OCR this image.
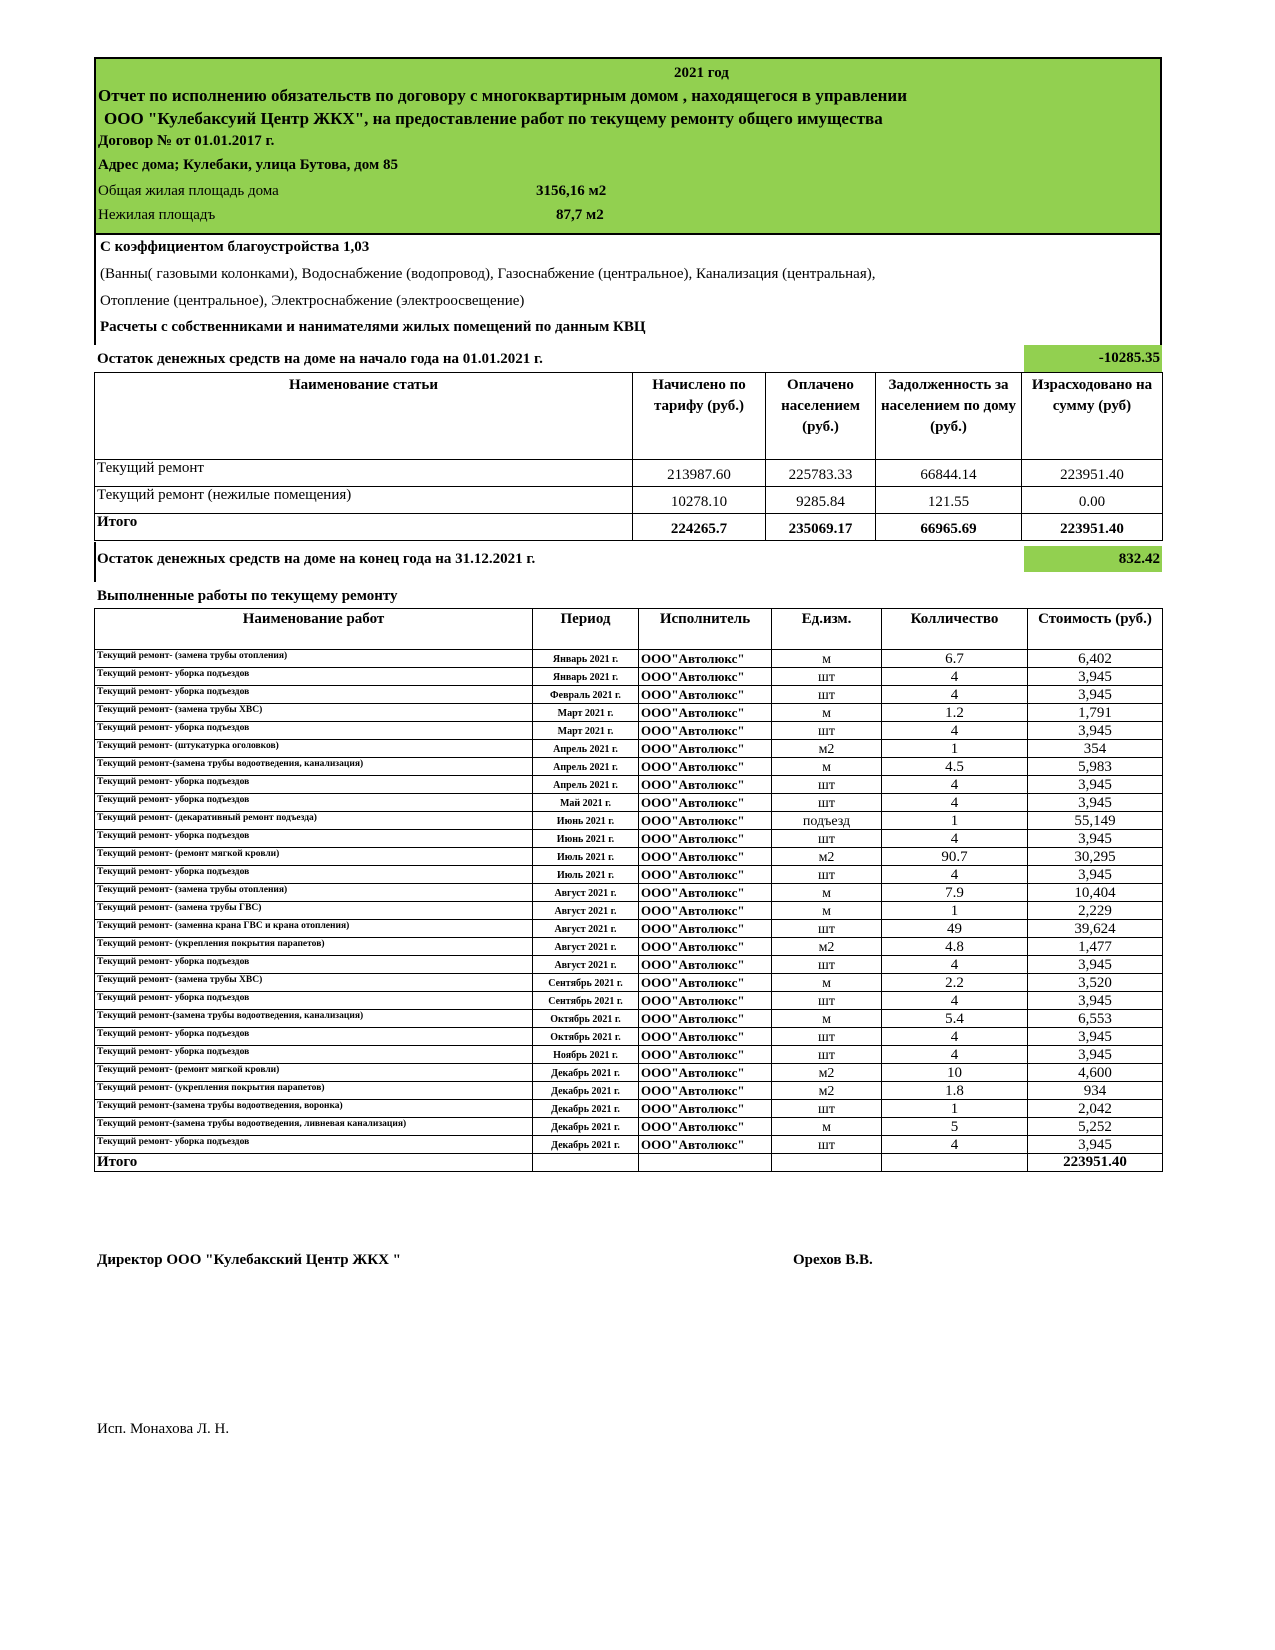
2021 год
Отчет по исполнению обязательств по договору с многоквартирным домом , находящегося в управлении
ООО "Кулебаксуий Центр ЖКХ", на предоставление работ по текущему ремонту общего имущества
Договор № от 01.01.2017 г.
Адрес дома; Кулебаки, улица Бутова, дом 85
Общая жилая площадь дома	3156,16 м2
Нежилая площадъ	87,7 м2
С коэффициентом благоустройства 1,03
(Ванны( газовыми колонками), Водоснабжение (водопровод), Газоснабжение (центральное), Канализация (центральная),
Отопление (центральное), Электроснабжение (электроосвещение)
Расчеты с собственниками и нанимателями жилых помещений по данным КВЦ
Остаток денежных средств на доме на начало года на 01.01.2021 г.	-10285.35
Наименование статьи	Начислено по тарифу (руб.)	Оплачено населением (руб.)	Задолженность за населением по дому (руб.)	Израсходовано на сумму (руб)
Текущий ремонт	213987.60	225783.33	66844.14	223951.40
Текущий ремонт (нежилые помещения)	10278.10	9285.84	121.55	0.00
Итого	224265.7	235069.17	66965.69	223951.40
Остаток денежных средств на доме на конец года на 31.12.2021 г.	832.42
Выполненные работы по текущему ремонту
Наименование работ	Период	Исполнитель	Ед.изм.	Колличество	Стоимость (руб.)
Текущий ремонт- (замена трубы отопления)	Январь 2021 г.	ООО"Автолюкс"	м	6.7	6,402
Текущий ремонт- уборка подъездов	Январь 2021 г.	ООО"Автолюкс"	шт	4	3,945
Текущий ремонт- уборка подъездов	Февраль 2021 г.	ООО"Автолюкс"	шт	4	3,945
Текущий ремонт- (замена трубы ХВС)	Март 2021 г.	ООО"Автолюкс"	м	1.2	1,791
Текущий ремонт- уборка подъездов	Март 2021 г.	ООО"Автолюкс"	шт	4	3,945
Текущий ремонт- (штукатурка оголовков)	Апрель 2021 г.	ООО"Автолюкс"	м2	1	354
Текущий ремонт-(замена трубы водоотведения, канализация)	Апрель 2021 г.	ООО"Автолюкс"	м	4.5	5,983
Текущий ремонт- уборка подъездов	Апрель 2021 г.	ООО"Автолюкс"	шт	4	3,945
Текущий ремонт- уборка подъездов	Май 2021 г.	ООО"Автолюкс"	шт	4	3,945
Текущий ремонт- (декаративный ремонт подъезда)	Июнь 2021 г.	ООО"Автолюкс"	подъезд	1	55,149
Текущий ремонт- уборка подъездов	Июнь 2021 г.	ООО"Автолюкс"	шт	4	3,945
Текущий ремонт- (ремонт мягкой кровли)	Июль 2021 г.	ООО"Автолюкс"	м2	90.7	30,295
Текущий ремонт- уборка подъездов	Июль 2021 г.	ООО"Автолюкс"	шт	4	3,945
Текущий ремонт- (замена трубы отопления)	Август 2021 г.	ООО"Автолюкс"	м	7.9	10,404
Текущий ремонт- (замена трубы ГВС)	Август 2021 г.	ООО"Автолюкс"	м	1	2,229
Текущий ремонт- (заменна крана ГВС и крана отопления)	Август 2021 г.	ООО"Автолюкс"	шт	49	39,624
Текущий ремонт- (укрепления покрытия парапетов)	Август 2021 г.	ООО"Автолюкс"	м2	4.8	1,477
Текущий ремонт- уборка подъездов	Август 2021 г.	ООО"Автолюкс"	шт	4	3,945
Текущий ремонт- (замена трубы ХВС)	Сентябрь 2021 г.	ООО"Автолюкс"	м	2.2	3,520
Текущий ремонт- уборка подъездов	Сентябрь 2021 г.	ООО"Автолюкс"	шт	4	3,945
Текущий ремонт-(замена трубы водоотведения, канализация)	Октябрь 2021 г.	ООО"Автолюкс"	м	5.4	6,553
Текущий ремонт- уборка подъездов	Октябрь 2021 г.	ООО"Автолюкс"	шт	4	3,945
Текущий ремонт- уборка подъездов	Ноябрь 2021 г.	ООО"Автолюкс"	шт	4	3,945
Текущий ремонт- (ремонт мягкой кровли)	Декабрь 2021 г.	ООО"Автолюкс"	м2	10	4,600
Текущий ремонт- (укрепления покрытия парапетов)	Декабрь 2021 г.	ООО"Автолюкс"	м2	1.8	934
Текущий ремонт-(замена трубы водоотведения, воронка)	Декабрь 2021 г.	ООО"Автолюкс"	шт	1	2,042
Текущий ремонт-(замена трубы водоотведения, ливневая канализация)	Декабрь 2021 г.	ООО"Автолюкс"	м	5	5,252
Текущий ремонт- уборка подъездов	Декабрь 2021 г.	ООО"Автолюкс"	шт	4	3,945
Итого					223951.40
Директор ООО "Кулебакский Центр ЖКХ "	Орехов В.В.
Исп. Монахова Л. Н.
